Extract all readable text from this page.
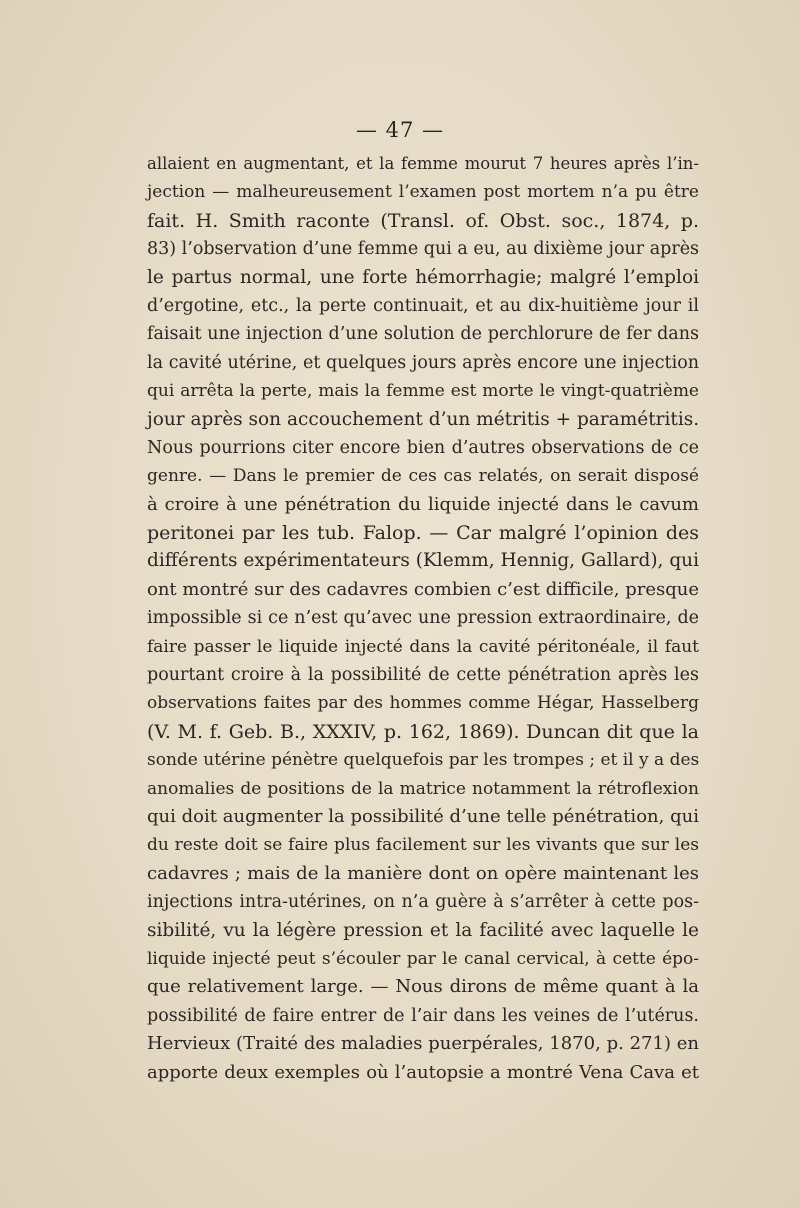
— 47 —
allaient en augmentant, et la femme mourut 7 heures après l’in-
jection — malheureusement l’examen post mortem n’a pu être
fait. H. Smith raconte (Transl. of. Obst. soc., 1874, p.
83) l’observation d’une femme qui a eu, au dixième jour après
le partus normal, une forte hémorrhagie; malgré l’emploi
d’ergotine, etc., la perte continuait, et au dix-huitième jour il
faisait une injection d’une solution de perchlorure de fer dans
la cavité utérine, et quelques jours après encore une injection
qui arrêta la perte, mais la femme est morte le vingt-quatrième
jour après son accouchement d’un métritis + paramétritis.
Nous pourrions citer encore bien d’autres observations de ce
genre. — Dans le premier de ces cas relatés, on serait disposé
à croire à une pénétration du liquide injecté dans le cavum
peritonei par les tub. Falop. — Car malgré l’opinion des
différents expérimentateurs (Klemm, Hennig, Gallard), qui
ont montré sur des cadavres combien c’est difficile, presque
impossible si ce n’est qu’avec une pression extraordinaire, de
faire passer le liquide injecté dans la cavité péritonéale, il faut
pourtant croire à la possibilité de cette pénétration après les
observations faites par des hommes comme Hégar, Hasselberg
(V. M. f. Geb. B., XXXIV, p. 162, 1869). Duncan dit que la
sonde utérine pénètre quelquefois par les trompes ; et il y a des
anomalies de positions de la matrice notamment la rétroflexion
qui doit augmenter la possibilité d’une telle pénétration, qui
du reste doit se faire plus facilement sur les vivants que sur les
cadavres ; mais de la manière dont on opère maintenant les
injections intra-utérines, on n’a guère à s’arrêter à cette pos-
sibilité, vu la légère pression et la facilité avec laquelle le
liquide injecté peut s’écouler par le canal cervical, à cette épo-
que relativement large. — Nous dirons de même quant à la
possibilité de faire entrer de l’air dans les veines de l’utérus.
Hervieux (Traité des maladies puerpérales, 1870, p. 271) en
apporte deux exemples où l’autopsie a montré Vena Cava et
